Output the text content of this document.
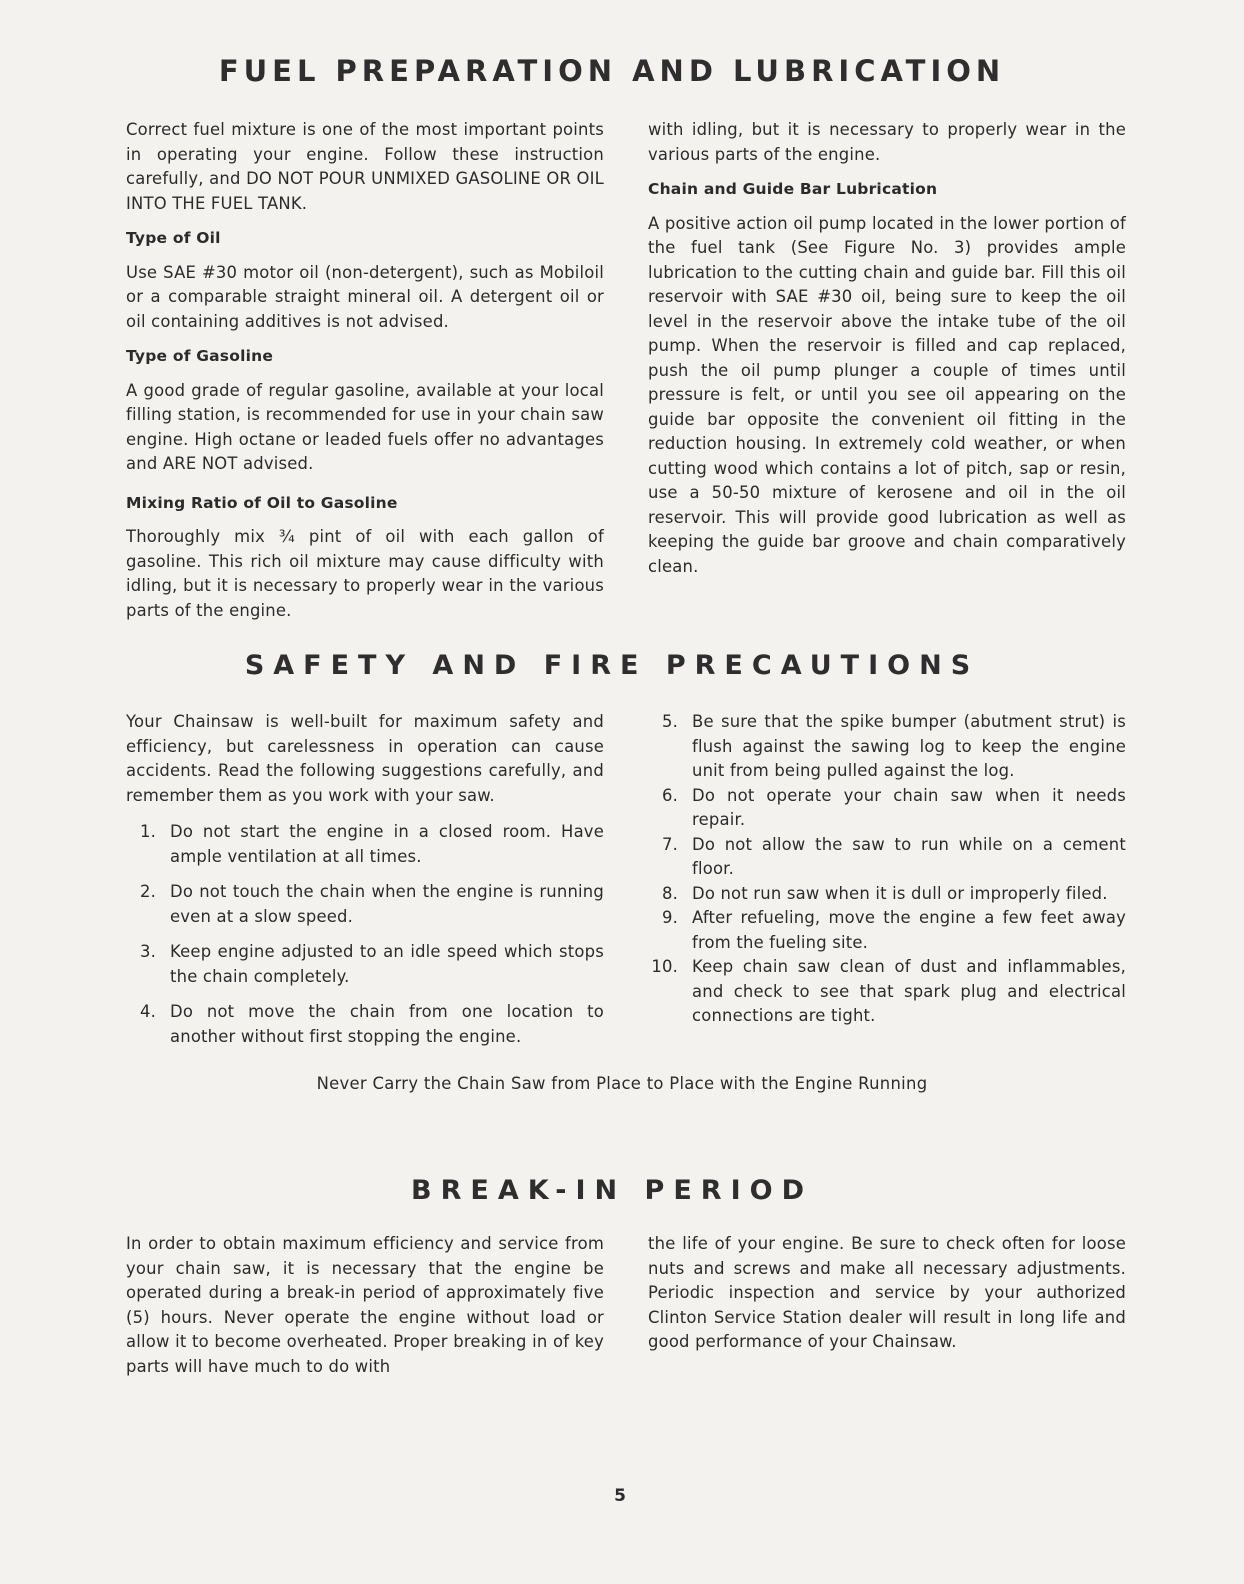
FUEL PREPARATION AND LUBRICATION

Correct fuel mixture is one of the most important points in operating your engine. Follow these instruction carefully, and DO NOT POUR UNMIXED GASOLINE OR OIL INTO THE FUEL TANK.

Type of Oil

Use SAE #30 motor oil (non-detergent), such as Mobiloil or a comparable straight mineral oil. A detergent oil or oil containing additives is not advised.

Type of Gasoline

A good grade of regular gasoline, available at your local filling station, is recommended for use in your chain saw engine. High octane or leaded fuels offer no advantages and ARE NOT advised.

Mixing Ratio of Oil to Gasoline

Thoroughly mix ¾ pint of oil with each gallon of gasoline. This rich oil mixture may cause difficulty with idling, but it is necessary to properly wear in the various parts of the engine.

with idling, but it is necessary to properly wear in the various parts of the engine.

Chain and Guide Bar Lubrication

A positive action oil pump located in the lower portion of the fuel tank (See Figure No. 3) provides ample lubrication to the cutting chain and guide bar. Fill this oil reservoir with SAE #30 oil, being sure to keep the oil level in the reservoir above the intake tube of the oil pump. When the reservoir is filled and cap replaced, push the oil pump plunger a couple of times until pressure is felt, or until you see oil appearing on the guide bar opposite the convenient oil fitting in the reduction housing. In extremely cold weather, or when cutting wood which contains a lot of pitch, sap or resin, use a 50-50 mixture of kerosene and oil in the oil reservoir. This will provide good lubrication as well as keeping the guide bar groove and chain comparatively clean.

SAFETY AND FIRE PRECAUTIONS

Your Chainsaw is well-built for maximum safety and efficiency, but carelessness in operation can cause accidents. Read the following suggestions carefully, and remember them as you work with your saw.

1. Do not start the engine in a closed room. Have ample ventilation at all times.
2. Do not touch the chain when the engine is running even at a slow speed.
3. Keep engine adjusted to an idle speed which stops the chain completely.
4. Do not move the chain from one location to another without first stopping the engine.
5. Be sure that the spike bumper (abutment strut) is flush against the sawing log to keep the engine unit from being pulled against the log.
6. Do not operate your chain saw when it needs repair.
7. Do not allow the saw to run while on a cement floor.
8. Do not run saw when it is dull or improperly filed.
9. After refueling, move the engine a few feet away from the fueling site.
10. Keep chain saw clean of dust and inflammables, and check to see that spark plug and electrical connections are tight.
Never Carry the Chain Saw from Place to Place with the Engine Running
BREAK-IN PERIOD

In order to obtain maximum efficiency and service from your chain saw, it is necessary that the engine be operated during a break-in period of approximately five (5) hours. Never operate the engine without load or allow it to become overheated. Proper breaking in of key parts will have much to do with

the life of your engine. Be sure to check often for loose nuts and screws and make all necessary adjustments. Periodic inspection and service by your authorized Clinton Service Station dealer will result in long life and good performance of your Chainsaw.

5
